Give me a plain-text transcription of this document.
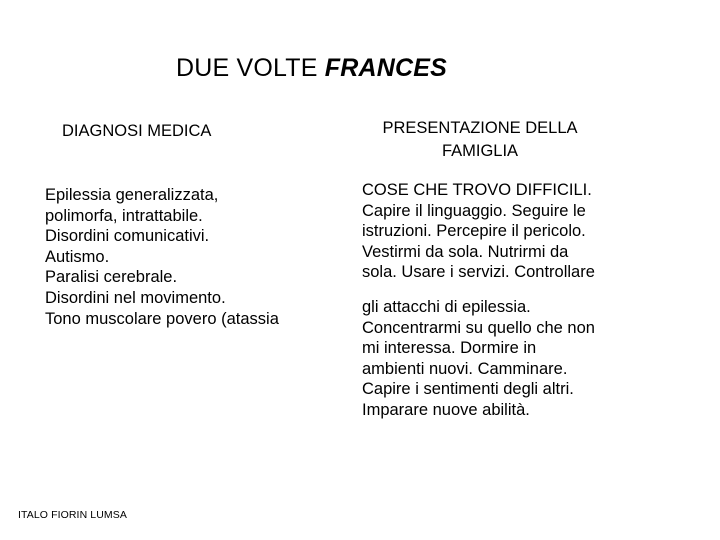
DUE VOLTE FRANCES
DIAGNOSI MEDICA	PRESENTAZIONE DELLA
FAMIGLIA
Epilessia generalizzata,
polimorfa, intrattabile.
Disordini comunicativi.
Autismo.
Paralisi cerebrale.
Disordini nel movimento.
Tono muscolare povero (atassia
COSE CHE TROVO DIFFICILI.
Capire il linguaggio. Seguire le
istruzioni. Percepire il pericolo.
Vestirmi da sola. Nutrirmi da
sola. Usare i servizi. Controllare
gli attacchi di epilessia.
Concentrarmi su quello che non
mi interessa. Dormire in
ambienti nuovi. Camminare.
Capire i sentimenti degli altri.
Imparare nuove abilità.
ITALO FIORIN LUMSA
